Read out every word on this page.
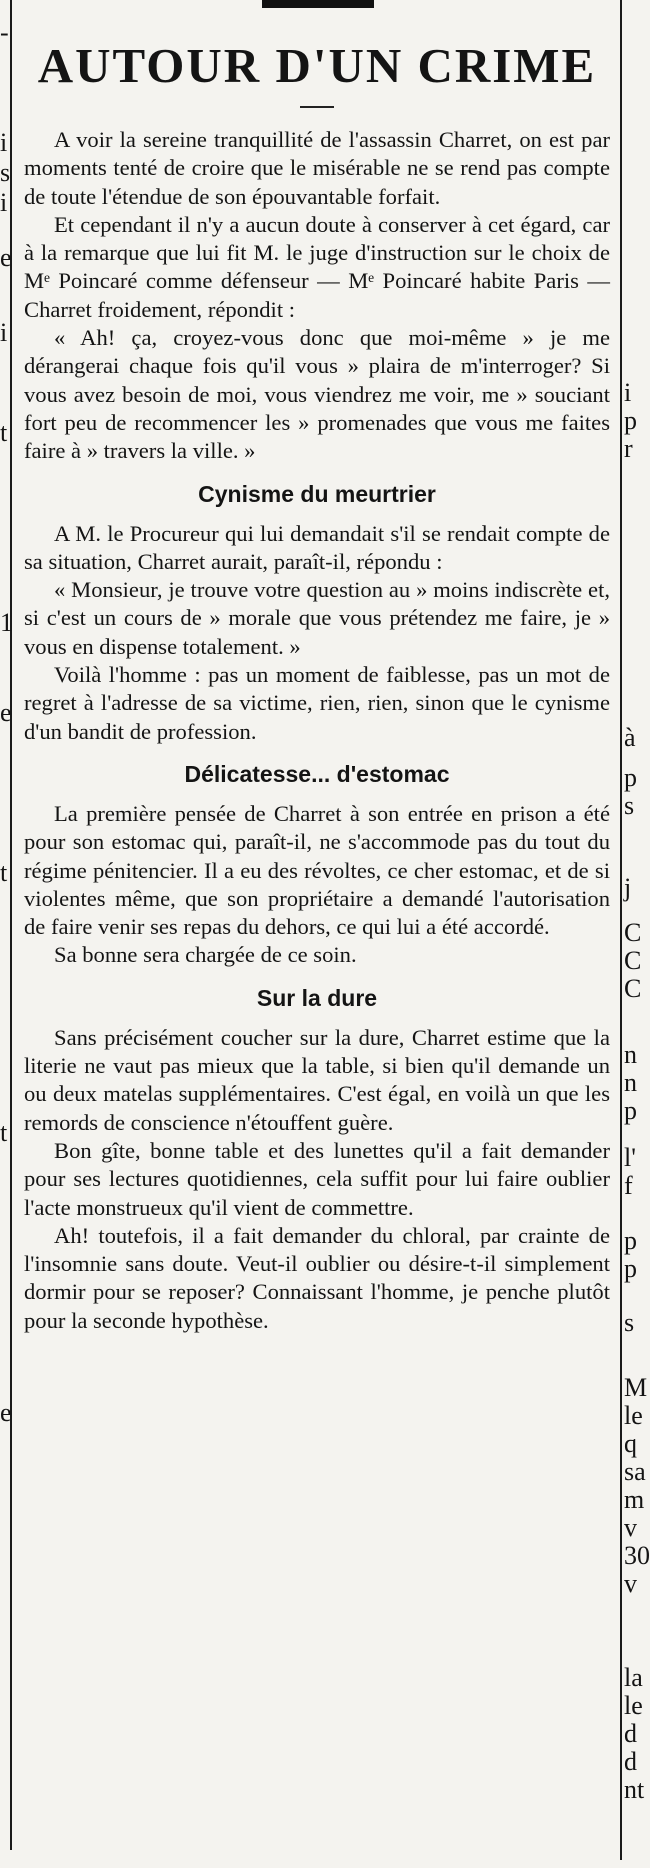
-
i
s
i
e
i
t
1
e
t
t
e
i
p
r
à
p
s
j
C
C
C
n
n
p
l'
f
p
p
s
M
le
q
sa
m
v
30
v
la
le
d
d
nt
AUTOUR D'UN CRIME

A voir la sereine tranquillité de l'assassin Charret, on est par moments tenté de croire que le misérable ne se rend pas compte de toute l'étendue de son épouvantable forfait.

Et cependant il n'y a aucun doute à conserver à cet égard, car à la remarque que lui fit M. le juge d'instruction sur le choix de Mᵉ Poincaré comme défenseur — Mᵉ Poincaré habite Paris — Charret froidement, répondit :

« Ah! ça, croyez-vous donc que moi-même » je me dérangerai chaque fois qu'il vous » plaira de m'interroger? Si vous avez besoin de moi, vous viendrez me voir, me » souciant fort peu de recommencer les » promenades que vous me faites faire à » travers la ville. »

Cynisme du meurtrier

A M. le Procureur qui lui demandait s'il se rendait compte de sa situation, Charret aurait, paraît-il, répondu :

« Monsieur, je trouve votre question au » moins indiscrète et, si c'est un cours de » morale que vous prétendez me faire, je » vous en dispense totalement. »

Voilà l'homme : pas un moment de faiblesse, pas un mot de regret à l'adresse de sa victime, rien, rien, sinon que le cynisme d'un bandit de profession.

Délicatesse... d'estomac

La première pensée de Charret à son entrée en prison a été pour son estomac qui, paraît-il, ne s'accommode pas du tout du régime pénitencier. Il a eu des révoltes, ce cher estomac, et de si violentes même, que son propriétaire a demandé l'autorisation de faire venir ses repas du dehors, ce qui lui a été accordé.

Sa bonne sera chargée de ce soin.

Sur la dure

Sans précisément coucher sur la dure, Charret estime que la literie ne vaut pas mieux que la table, si bien qu'il demande un ou deux matelas supplémentaires. C'est égal, en voilà un que les remords de conscience n'étouffent guère.

Bon gîte, bonne table et des lunettes qu'il a fait demander pour ses lectures quotidiennes, cela suffit pour lui faire oublier l'acte monstrueux qu'il vient de commettre.

Ah! toutefois, il a fait demander du chloral, par crainte de l'insomnie sans doute. Veut-il oublier ou désire-t-il simplement dormir pour se reposer? Connaissant l'homme, je penche plutôt pour la seconde hypothèse.
